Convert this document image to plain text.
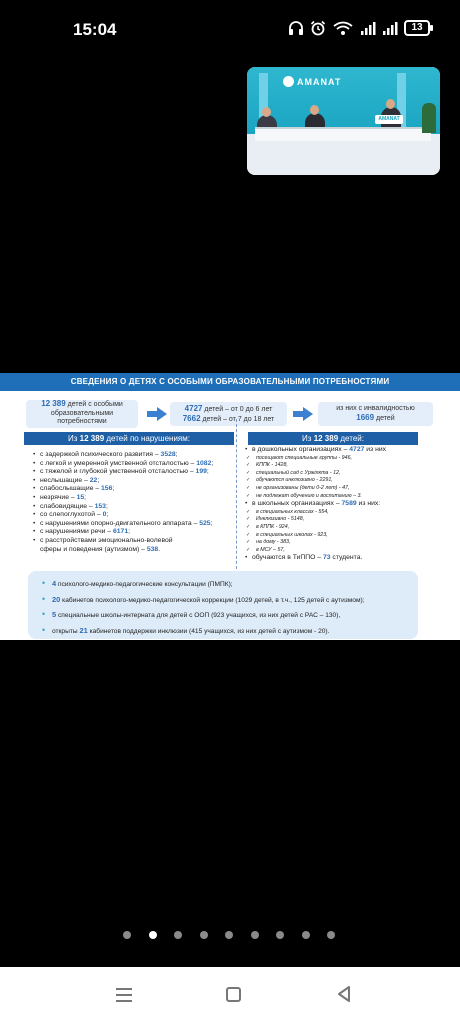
15:04	13
AMANAT
AMANAT
СВЕДЕНИЯ О ДЕТЯХ С ОСОБЫМИ ОБРАЗОВАТЕЛЬНЫМИ ПОТРЕБНОСТЯМИ
12 389 детей с особыми
образовательными
потребностями
4727 детей – от 0 до 6 лет
7662 детей – от 7 до 18 лет
из них с инвалидностью
1669 детей
Из 12 389 детей по нарушениям:	Из 12 389 детей:
• с задержкой психического развития – 3528;
• с легкой и умеренной умственной отсталостью – 1082;
• с тяжелой и глубокой умственной отсталостью – 199;
• неслышащие – 22;
• слабослышащие – 156;
• незрячие – 15;
• слабовидящие – 153;
• со слепоглухотой – 0;
• с нарушениями опорно-двигательного аппарата – 525;
• с нарушениями речи – 6171;
• с расстройствами эмоционально-волевой
сферы и поведения (аутизмом) – 538.
• в дошкольных организациях – 4727 из них
✓ посещают специальные группы - 946,
✓ КППК - 1428,
✓ специальный сад с Уржілкта - 12,
✓ обучаются инклюзивно - 2291,
✓ не организованы (дети 0-2 лет) - 47,
✓ не подлежат обучению и воспитанию – 3.
• в школьных организациях – 7589 из них:
✓ в специальных классах - 554,
✓ Инклюзивно - 5148,
✓ в КППК - 924,
✓ в специальных школах - 923,
✓ на дому - 383,
✓ в МСУ – 57,
• обучаются в ТиППО – 73 студента.
• 4 психолого-медико-педагогические консультации (ПМПК);
• 20 кабинетов психолого-медико-педагогической коррекции (1029 детей, в т.ч., 125 детей с аутизмом);
• 5 специальные школы-интерната для детей с ООП (923 учащихся, из них детей с РАС – 130),
• открыты 21 кабинетов поддержки инклюзии (415 учащихся, из них детей с аутизмом - 20).
